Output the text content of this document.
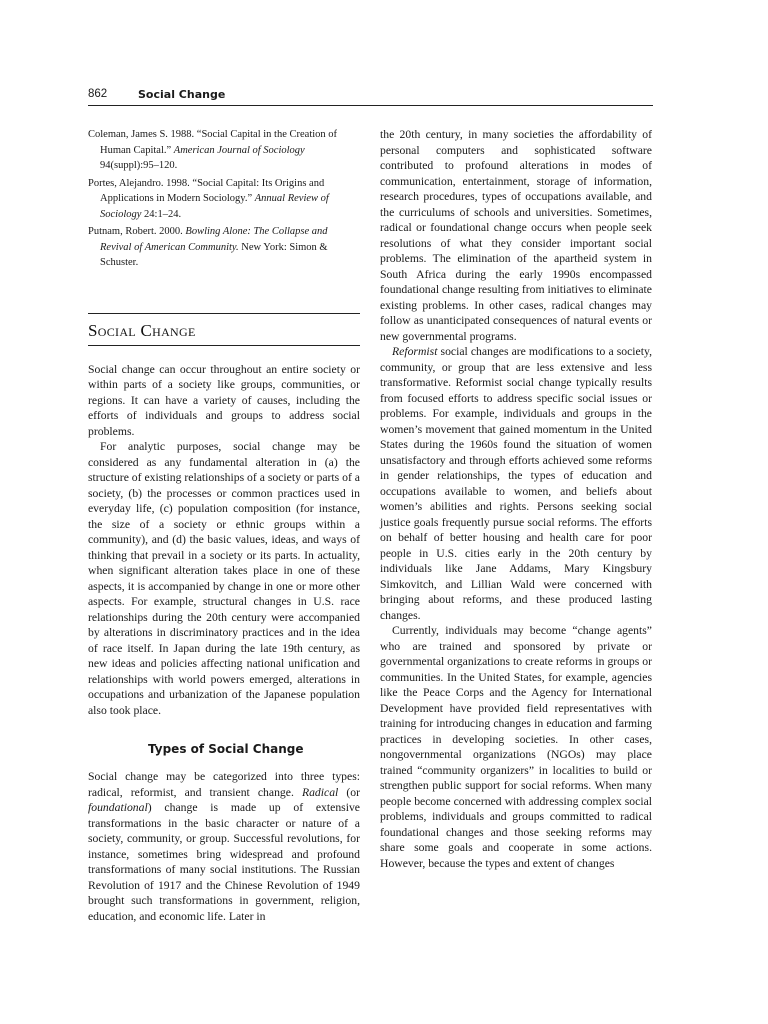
862	Social Change

Coleman, James S. 1988. “Social Capital in the Creation of Human Capital.” American Journal of Sociology 94(suppl):95–120.

Portes, Alejandro. 1998. “Social Capital: Its Origins and Applications in Modern Sociology.” Annual Review of Sociology 24:1–24.

Putnam, Robert. 2000. Bowling Alone: The Collapse and Revival of American Community. New York: Simon & Schuster.

Social Change

Social change can occur throughout an entire society or within parts of a society like groups, communities, or regions. It can have a variety of causes, including the efforts of individuals and groups to address social problems.

For analytic purposes, social change may be considered as any fundamental alteration in (a) the structure of existing relationships of a society or parts of a society, (b) the processes or common practices used in everyday life, (c) population composition (for instance, the size of a society or ethnic groups within a community), and (d) the basic values, ideas, and ways of thinking that prevail in a society or its parts. In actuality, when significant alteration takes place in one of these aspects, it is accompanied by change in one or more other aspects. For example, structural changes in U.S. race relationships during the 20th century were accompanied by alterations in discriminatory practices and in the idea of race itself. In Japan during the late 19th century, as new ideas and policies affecting national unification and relationships with world powers emerged, alterations in occupations and urbanization of the Japanese population also took place.

Types of Social Change

Social change may be categorized into three types: radical, reformist, and transient change. Radical (or foundational) change is made up of extensive transformations in the basic character or nature of a society, community, or group. Successful revolutions, for instance, sometimes bring widespread and profound transformations of many social institutions. The Russian Revolution of 1917 and the Chinese Revolution of 1949 brought such transformations in government, religion, education, and economic life. Later in

the 20th century, in many societies the affordability of personal computers and sophisticated software contributed to profound alterations in modes of communication, entertainment, storage of information, research procedures, types of occupations available, and the curriculums of schools and universities. Sometimes, radical or foundational change occurs when people seek resolutions of what they consider important social problems. The elimination of the apartheid system in South Africa during the early 1990s encompassed foundational change resulting from initiatives to eliminate existing problems. In other cases, radical changes may follow as unanticipated consequences of natural events or new governmental programs.

Reformist social changes are modifications to a society, community, or group that are less extensive and less transformative. Reformist social change typically results from focused efforts to address specific social issues or problems. For example, individuals and groups in the women’s movement that gained momentum in the United States during the 1960s found the situation of women unsatisfactory and through efforts achieved some reforms in gender relationships, the types of education and occupations available to women, and beliefs about women’s abilities and rights. Persons seeking social justice goals frequently pursue social reforms. The efforts on behalf of better housing and health care for poor people in U.S. cities early in the 20th century by individuals like Jane Addams, Mary Kingsbury Simkovitch, and Lillian Wald were concerned with bringing about reforms, and these produced lasting changes.

Currently, individuals may become “change agents” who are trained and sponsored by private or governmental organizations to create reforms in groups or communities. In the United States, for example, agencies like the Peace Corps and the Agency for International Development have provided field representatives with training for introducing changes in education and farming practices in developing societies. In other cases, nongovernmental organizations (NGOs) may place trained “community organizers” in localities to build or strengthen public support for social reforms. When many people become concerned with addressing complex social problems, individuals and groups committed to radical foundational changes and those seeking reforms may share some goals and cooperate in some actions. However, because the types and extent of changes
